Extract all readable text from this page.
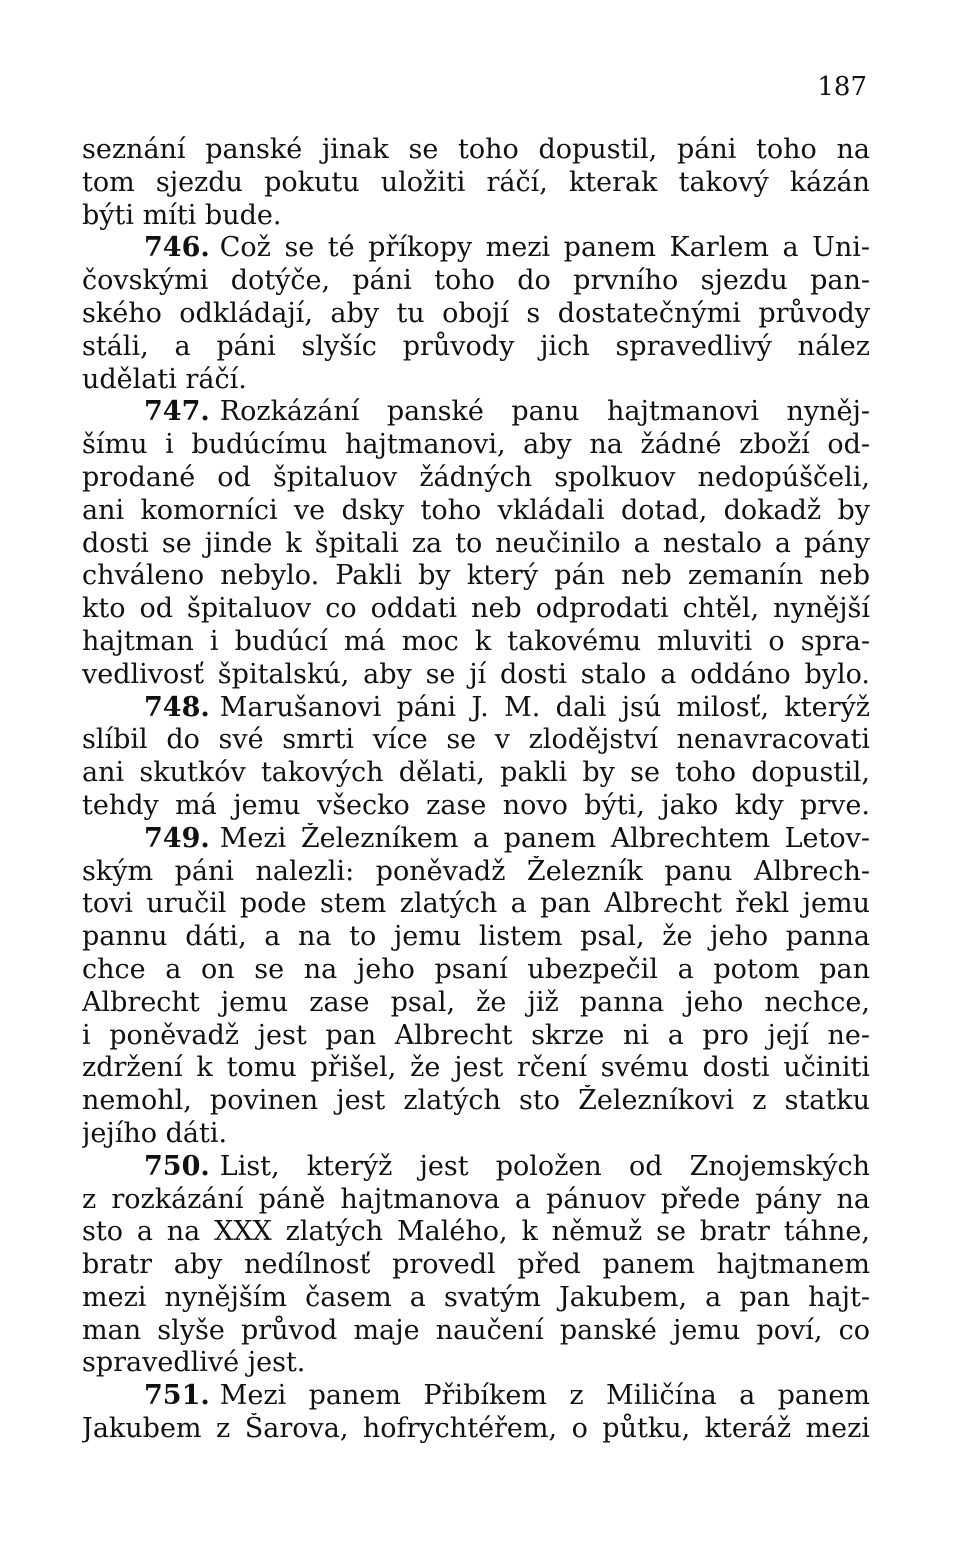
187
seznání panské jinak se toho dopustil, páni toho na
tom sjezdu pokutu uložiti ráčí, kterak takový kázán
býti míti bude.
746. Což se té příkopy mezi panem Karlem a Uni-
čovskými dotýče, páni toho do prvního sjezdu pan-
ského odkládají, aby tu obojí s dostatečnými průvody
stáli, a páni slyšíc průvody jich spravedlivý nález
udělati ráčí.
747. Rozkázání panské panu hajtmanovi nyněj-
šímu i budúcímu hajtmanovi, aby na žádné zboží od-
prodané od špitaluov žádných spolkuov nedopúščeli,
ani komorníci ve dsky toho vkládali dotad, dokadž by
dosti se jinde k špitali za to neučinilo a nestalo a pány
chváleno nebylo. Pakli by který pán neb zemanín neb
kto od špitaluov co oddati neb odprodati chtěl, nynější
hajtman i budúcí má moc k takovému mluviti o spra-
vedlivosť špitalskú, aby se jí dosti stalo a oddáno bylo.
748. Marušanovi páni J. M. dali jsú milosť, kterýž
slíbil do své smrti více se v zlodějství nenavracovati
ani skutkóv takových dělati, pakli by se toho dopustil,
tehdy má jemu všecko zase novo býti, jako kdy prve.
749. Mezi Železníkem a panem Albrechtem Letov-
ským páni nalezli: poněvadž Železník panu Albrech-
tovi uručil pode stem zlatých a pan Albrecht řekl jemu
pannu dáti, a na to jemu listem psal, že jeho panna
chce a on se na jeho psaní ubezpečil a potom pan
Albrecht jemu zase psal, že již panna jeho nechce,
i poněvadž jest pan Albrecht skrze ni a pro její ne-
zdržení k tomu přišel, že jest rčení svému dosti učiniti
nemohl, povinen jest zlatých sto Železníkovi z statku
jejího dáti.
750. List, kterýž jest položen od Znojemských
z rozkázání páně hajtmanova a pánuov přede pány na
sto a na XXX zlatých Malého, k němuž se bratr táhne,
bratr aby nedílnosť provedl před panem hajtmanem
mezi nynějším časem a svatým Jakubem, a pan hajt-
man slyše průvod maje naučení panské jemu poví, co
spravedlivé jest.
751. Mezi panem Přibíkem z Miličína a panem
Jakubem z Šarova, hofrychtéřem, o půtku, kteráž mezi
